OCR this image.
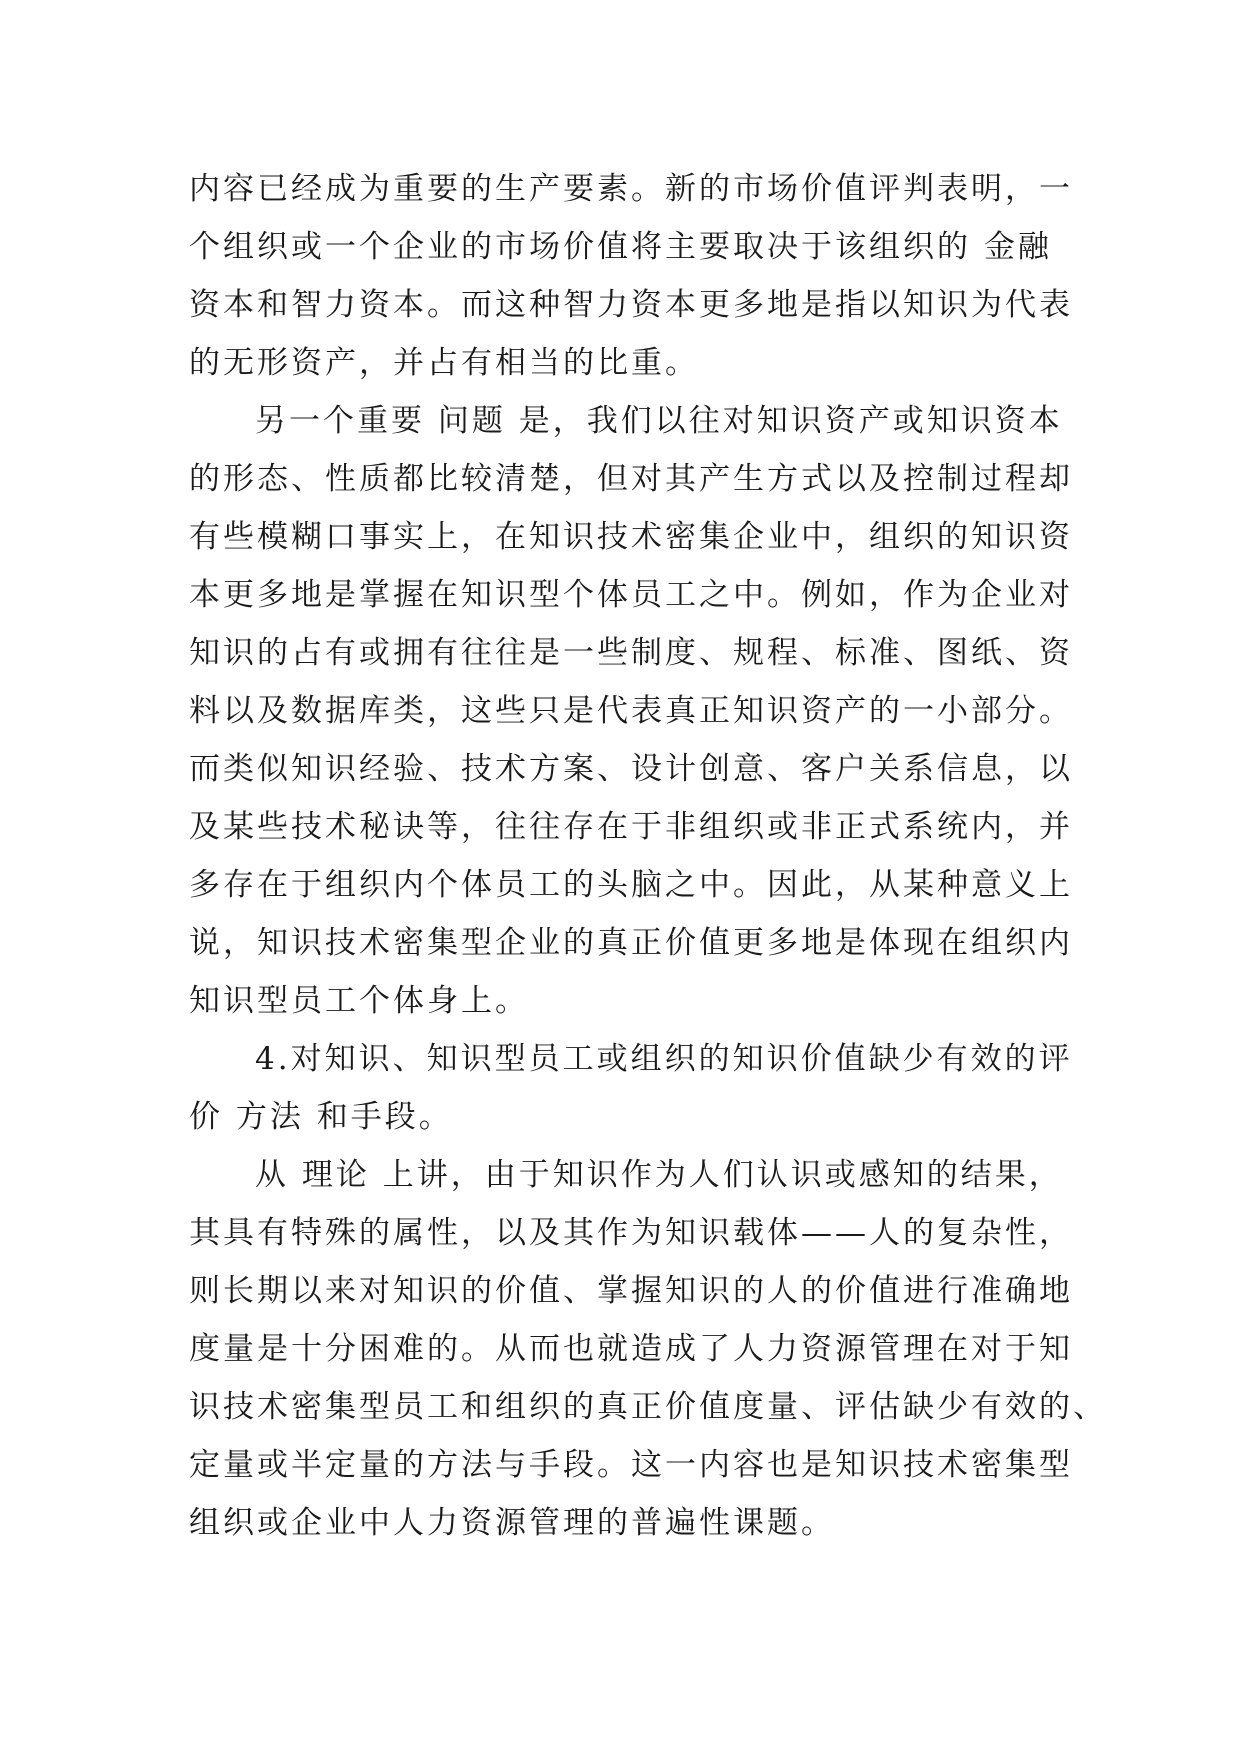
内容已经成为重要的生产要素。新的市场价值评判表明，一
个组织或一个企业的市场价值将主要取决于该组织的 金融
资本和智力资本。而这种智力资本更多地是指以知识为代表
的无形资产，并占有相当的比重。
另一个重要 问题 是，我们以往对知识资产或知识资本
的形态、性质都比较清楚，但对其产生方式以及控制过程却
有些模糊口事实上，在知识技术密集企业中，组织的知识资
本更多地是掌握在知识型个体员工之中。例如，作为企业对
知识的占有或拥有往往是一些制度、规程、标准、图纸、资
料以及数据库类，这些只是代表真正知识资产的一小部分。
而类似知识经验、技术方案、设计创意、客户关系信息，以
及某些技术秘诀等，往往存在于非组织或非正式系统内，并
多存在于组织内个体员工的头脑之中。因此，从某种意义上
说，知识技术密集型企业的真正价值更多地是体现在组织内
知识型员工个体身上。
4.对知识、知识型员工或组织的知识价值缺少有效的评
价 方法 和手段。
从 理论 上讲，由于知识作为人们认识或感知的结果，
其具有特殊的属性，以及其作为知识载体——人的复杂性，
则长期以来对知识的价值、掌握知识的人的价值进行准确地
度量是十分困难的。从而也就造成了人力资源管理在对于知
识技术密集型员工和组织的真正价值度量、评估缺少有效的、
定量或半定量的方法与手段。这一内容也是知识技术密集型
组织或企业中人力资源管理的普遍性课题。
